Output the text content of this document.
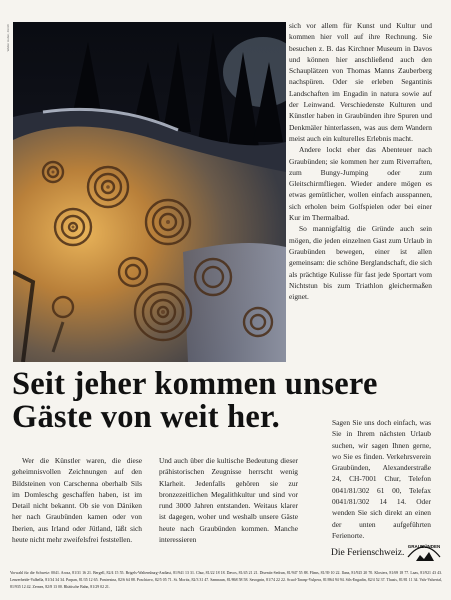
Walter Huber, Zürich	sich vor allem für Kunst und Kultur und kommen hier voll auf ihre Rechnung. Sie besuchen z. B. das Kirchner Museum in Davos und können hier anschließend auch den Schauplätzen von Thomas Manns Zauberberg nachspüren. Oder sie erleben Segantinis Landschaften im Engadin in natura sowie auf der Leinwand. Verschiedenste Kulturen und Künstler haben in Graubünden ihre Spuren und Denkmäler hinterlassen, was aus dem Wandern meist auch ein kulturelles Erlebnis macht.

Andere lockt eher das Abenteuer nach Graubünden; sie kommen her zum Riverraften, zum Bungy-Jumping oder zum Gleitschirmfliegen. Wieder andere mögen es etwas gemütlicher, wollen einfach ausspannen, sich erholen beim Golfspielen oder bei einer Kur im Thermalbad.

So mannigfaltig die Gründe auch sein mögen, die jeden einzelnen Gast zum Urlaub in Graubünden bewegen, einer ist allen gemeinsam: die schöne Berglandschaft, die sich als prächtige Kulisse für fast jede Sportart vom Nichtstun bis zum Triathlon gleichermaßen eignet.

Seit jeher kommen unsere
Gäste von weit her.

Wer die Künstler waren, die diese geheimnisvollen Zeichnungen auf den Bildsteinen von Carschenna oberhalb Sils im Domleschg geschaffen haben, ist im Detail nicht bekannt. Ob sie von Däniken her nach Graubünden kamen oder von Iberien, aus Irland oder Jütland, läßt sich heute nicht mehr zweifelsfrei feststellen.

Und auch über die kultische Bedeutung dieser prähistorischen Zeugnisse herrscht wenig Klarheit. Jedenfalls gehören sie zur bronzezeitlichen Megalithkultur und sind vor rund 3000 Jahren entstanden. Weitaus klarer ist dagegen, woher und weshalb unsere Gäste heute nach Graubünden kommen. Manche interessieren

Sagen Sie uns doch einfach, was Sie in Ihrem nächsten Urlaub suchen, wir sagen Ihnen gerne, wo Sie es finden. Verkehrsverein Graubünden, Alexanderstraße 24, CH-7001 Chur, Telefon 0041/81/302 61 00, Telefax 0041/81/302 14 14. Oder wenden Sie sich direkt an einen der unten aufgeführten Ferienorte.

Die Ferienschweiz.
GRAUBÜNDEN
Vorwahl für die Schweiz: 0041. Arosa, 81/31 16 21. Bergell, 82/4 15 55. Brigels-Waltensburg-Andiast, 81/941 13 31. Chur, 81/22 18 18. Davos, 81/45 21 21. Disentis-Sedrun, 81/947 55 88. Flims, 81/39 10 22. Ilanz, 81/925 20 70. Klosters, 81/69 18 77. Laax, 81/921 43 43. Lenzerheide-Valbella, 81/34 34 34. Parpan, 81/35 12 65. Pontresina, 82/6 64 88. Poschiavo, 82/5 05 71. St. Moritz, 82/3 31 47. Samnaun, 81/868 58 58. Savognin, 81/74 22 22. Scuol-Tarasp-Vulpera, 81/864 94 94. Sils-Engadin, 82/4 52 37. Thusis, 81/81 11 34. Vals-Valsertal, 81/935 12 42. Zernez, 82/8 13 00. Rhätische Bahn, 81/29 02 21.
